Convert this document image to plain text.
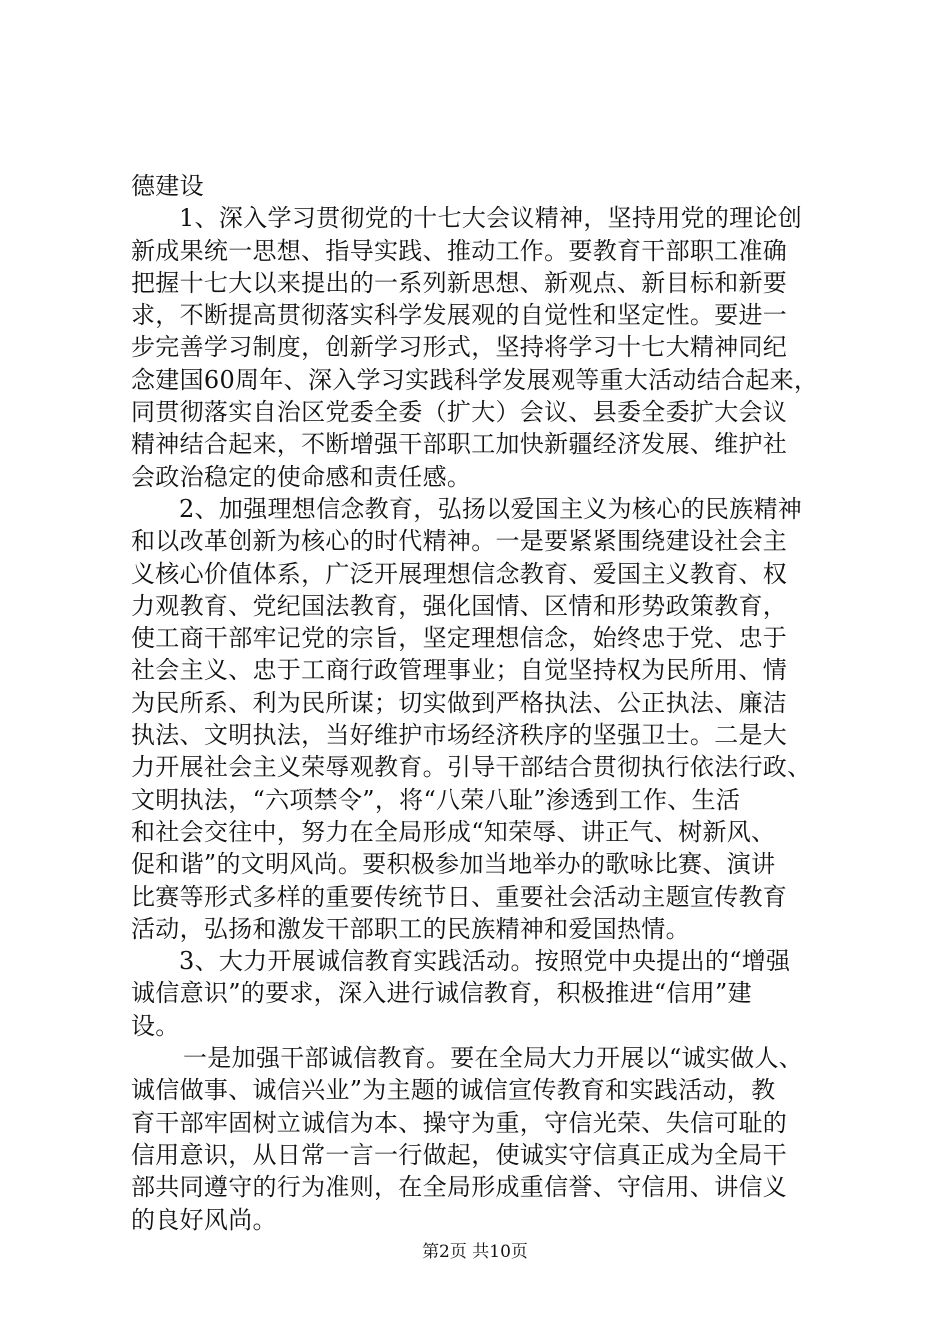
德建设
1、深入学习贯彻党的十七大会议精神，坚持用党的理论创
新成果统一思想、指导实践、推动工作。要教育干部职工准确
把握十七大以来提出的一系列新思想、新观点、新目标和新要
求，不断提高贯彻落实科学发展观的自觉性和坚定性。要进一
步完善学习制度，创新学习形式，坚持将学习十七大精神同纪
念建国60周年、深入学习实践科学发展观等重大活动结合起来，
同贯彻落实自治区党委全委（扩大）会议、县委全委扩大会议
精神结合起来，不断增强干部职工加快新疆经济发展、维护社
会政治稳定的使命感和责任感。
2、加强理想信念教育，弘扬以爱国主义为核心的民族精神
和以改革创新为核心的时代精神。一是要紧紧围绕建设社会主
义核心价值体系，广泛开展理想信念教育、爱国主义教育、权
力观教育、党纪国法教育，强化国情、区情和形势政策教育，
使工商干部牢记党的宗旨，坚定理想信念，始终忠于党、忠于
社会主义、忠于工商行政管理事业；自觉坚持权为民所用、情
为民所系、利为民所谋；切实做到严格执法、公正执法、廉洁
执法、文明执法，当好维护市场经济秩序的坚强卫士。二是大
力开展社会主义荣辱观教育。引导干部结合贯彻执行依法行政、
文明执法，“六项禁令”，将“八荣八耻”渗透到工作、生活
和社会交往中，努力在全局形成“知荣辱、讲正气、树新风、
促和谐”的文明风尚。要积极参加当地举办的歌咏比赛、演讲
比赛等形式多样的重要传统节日、重要社会活动主题宣传教育
活动，弘扬和激发干部职工的民族精神和爱国热情。
3、大力开展诚信教育实践活动。按照党中央提出的“增强
诚信意识”的要求，深入进行诚信教育，积极推进“信用”建
设。
一是加强干部诚信教育。要在全局大力开展以“诚实做人、
诚信做事、诚信兴业”为主题的诚信宣传教育和实践活动，教
育干部牢固树立诚信为本、操守为重，守信光荣、失信可耻的
信用意识，从日常一言一行做起，使诚实守信真正成为全局干
部共同遵守的行为准则，在全局形成重信誉、守信用、讲信义
的良好风尚。
第2页 共10页
